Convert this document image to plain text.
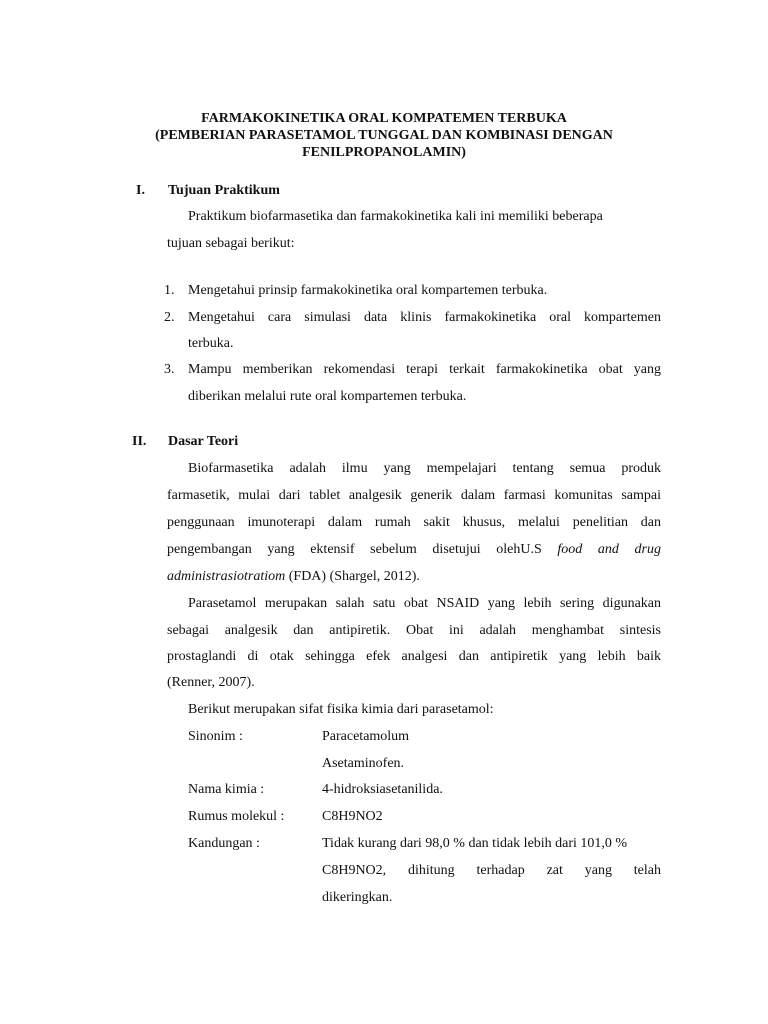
FARMAKOKINETIKA ORAL KOMPATEMEN TERBUKA
(PEMBERIAN PARASETAMOL TUNGGAL DAN KOMBINASI DENGAN
FENILPROPANOLAMIN)
I. Tujuan Praktikum
Praktikum biofarmasetika dan farmakokinetika kali ini memiliki beberapa
tujuan sebagai berikut:
1. Mengetahui prinsip farmakokinetika oral kompartemen terbuka.
2. Mengetahui cara simulasi data klinis farmakokinetika oral kompartemen
terbuka.
3. Mampu memberikan rekomendasi terapi terkait farmakokinetika obat yang
diberikan melalui rute oral kompartemen terbuka.
II. Dasar Teori
Biofarmasetika adalah ilmu yang mempelajari tentang semua produk
farmasetik, mulai dari tablet analgesik generik dalam farmasi komunitas sampai
penggunaan imunoterapi dalam rumah sakit khusus, melalui penelitian dan
pengembangan yang ektensif sebelum disetujui olehU.S food and drug
administrasiotratiom (FDA) (Shargel, 2012).
Parasetamol merupakan salah satu obat NSAID yang lebih sering digunakan
sebagai analgesik dan antipiretik. Obat ini adalah menghambat sintesis
prostaglandi di otak sehingga efek analgesi dan antipiretik yang lebih baik
(Renner, 2007).
Berikut merupakan sifat fisika kimia dari parasetamol:
Sinonim :	Paracetamolum
Asetaminofen.
Nama kimia :	4-hidroksiasetanilida.
Rumus molekul :	C8H9NO2
Kandungan :	Tidak kurang dari 98,0 % dan tidak lebih dari 101,0 %
C8H9NO2, dihitung terhadap zat yang telah
dikeringkan.
